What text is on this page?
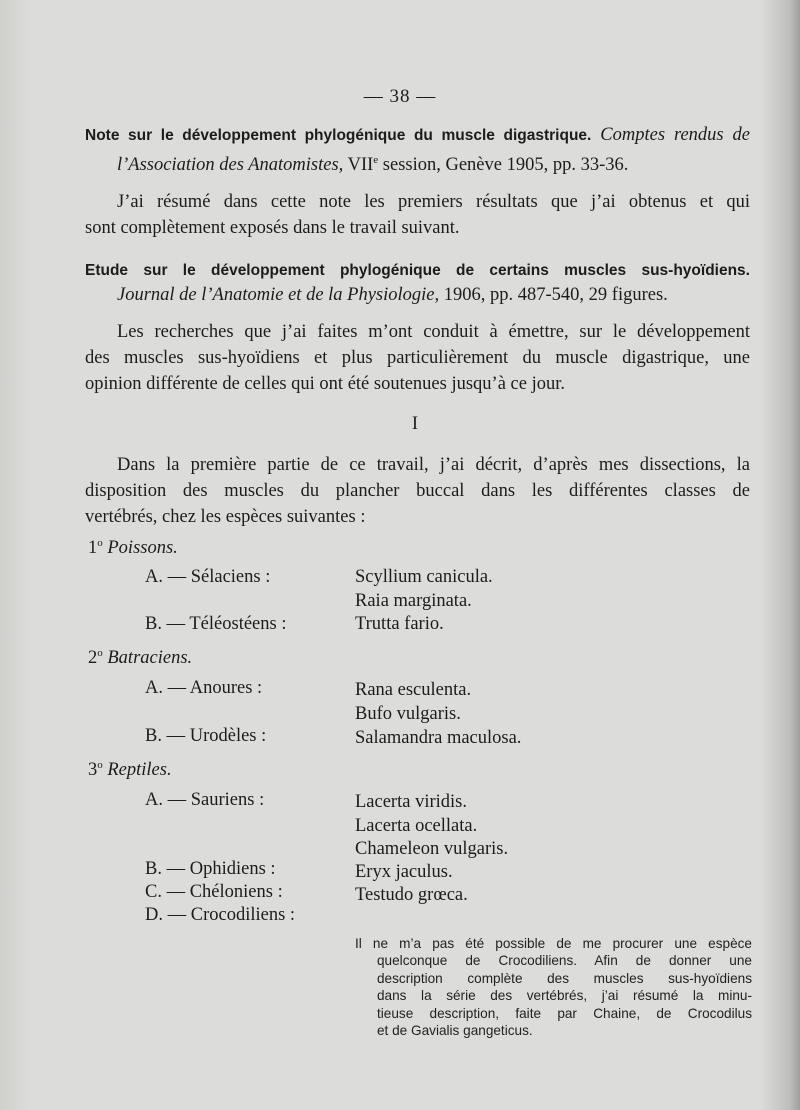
— 38 —
Note sur le développement phylogénique du muscle digastrique. Comptes rendus de
l’Association des Anatomistes, VIIe session, Genève 1905, pp. 33-36.
J’ai résumé dans cette note les premiers résultats que j’ai obtenus et qui
sont complètement exposés dans le travail suivant.
Etude sur le développement phylogénique de certains muscles sus-hyoïdiens.
Journal de l’Anatomie et de la Physiologie, 1906, pp. 487-540, 29 figures.
Les recherches que j’ai faites m’ont conduit à émettre, sur le développement
des muscles sus-hyoïdiens et plus particulièrement du muscle digastrique, une
opinion différente de celles qui ont été soutenues jusqu’à ce jour.
I
Dans la première partie de ce travail, j’ai décrit, d’après mes dissections, la
disposition des muscles du plancher buccal dans les différentes classes de
vertébrés, chez les espèces suivantes :
1$^o$ Poissons.
A. — Sélaciens :	Scyllium canicula.
Raia marginata.
B. — Téléostéens :	Trutta fario.
2$^o$ Batraciens.
A. — Anoures :	Rana esculenta.
Bufo vulgaris.
B. — Urodèles :	Salamandra maculosa.
3$^o$ Reptiles.
A. — Sauriens :	Lacerta viridis.
Lacerta ocellata.
Chameleon vulgaris.
B. — Ophidiens :	Eryx jaculus.
C. — Chéloniens :	Testudo grœca.
D. — Crocodiliens :
Il ne m’a pas été possible de me procurer une espèce
quelconque de Crocodiliens. Afin de donner une
description complète des muscles sus-hyoïdiens
dans la série des vertébrés, j’ai résumé la minu-
tieuse description, faite par Chaine, de Crocodilus
et de Gavialis gangeticus.
